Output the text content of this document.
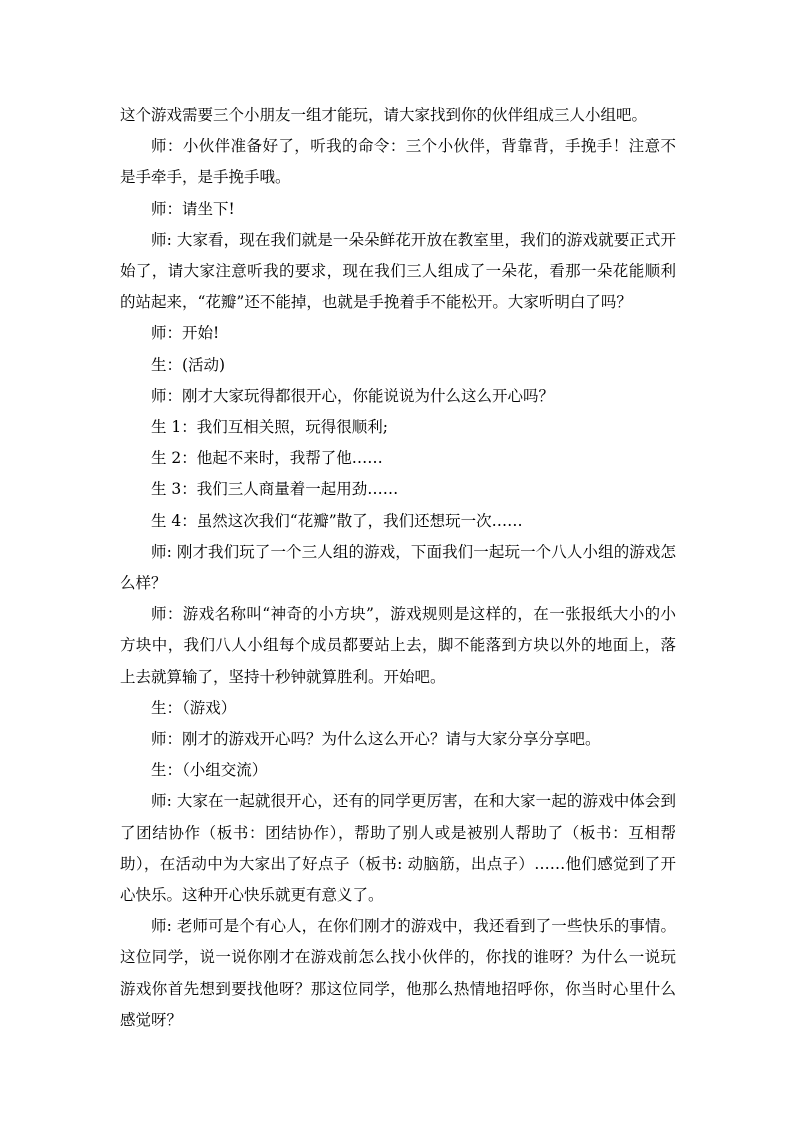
这个游戏需要三个小朋友一组才能玩，请大家找到你的伙伴组成三人小组吧。

师：小伙伴准备好了，听我的命令：三个小伙伴，背靠背，手挽手！注意不是手牵手，是手挽手哦。

师：请坐下!

师: 大家看，现在我们就是一朵朵鲜花开放在教室里，我们的游戏就要正式开始了，请大家注意听我的要求，现在我们三人组成了一朵花，看那一朵花能顺利的站起来，“花瓣”还不能掉，也就是手挽着手不能松开。大家听明白了吗？

师：开始!

生：(活动)

师：刚才大家玩得都很开心，你能说说为什么这么开心吗？

生 1：我们互相关照，玩得很顺利;

生 2：他起不来时，我帮了他……

生 3：我们三人商量着一起用劲……

生 4：虽然这次我们“花瓣”散了，我们还想玩一次……

师: 刚才我们玩了一个三人组的游戏，下面我们一起玩一个八人小组的游戏怎么样？

师：游戏名称叫“神奇的小方块”，游戏规则是这样的，在一张报纸大小的小方块中，我们八人小组每个成员都要站上去，脚不能落到方块以外的地面上，落上去就算输了，坚持十秒钟就算胜利。开始吧。

生：（游戏）

师：刚才的游戏开心吗？为什么这么开心？请与大家分享分享吧。

生：（小组交流）

师: 大家在一起就很开心，还有的同学更厉害，在和大家一起的游戏中体会到了团结协作（板书：团结协作），帮助了别人或是被别人帮助了（板书：互相帮助），在活动中为大家出了好点子（板书: 动脑筋，出点子）……他们感觉到了开心快乐。这种开心快乐就更有意义了。

师: 老师可是个有心人，在你们刚才的游戏中，我还看到了一些快乐的事情。这位同学，说一说你刚才在游戏前怎么找小伙伴的，你找的谁呀？为什么一说玩游戏你首先想到要找他呀？那这位同学，他那么热情地招呼你，你当时心里什么感觉呀？
